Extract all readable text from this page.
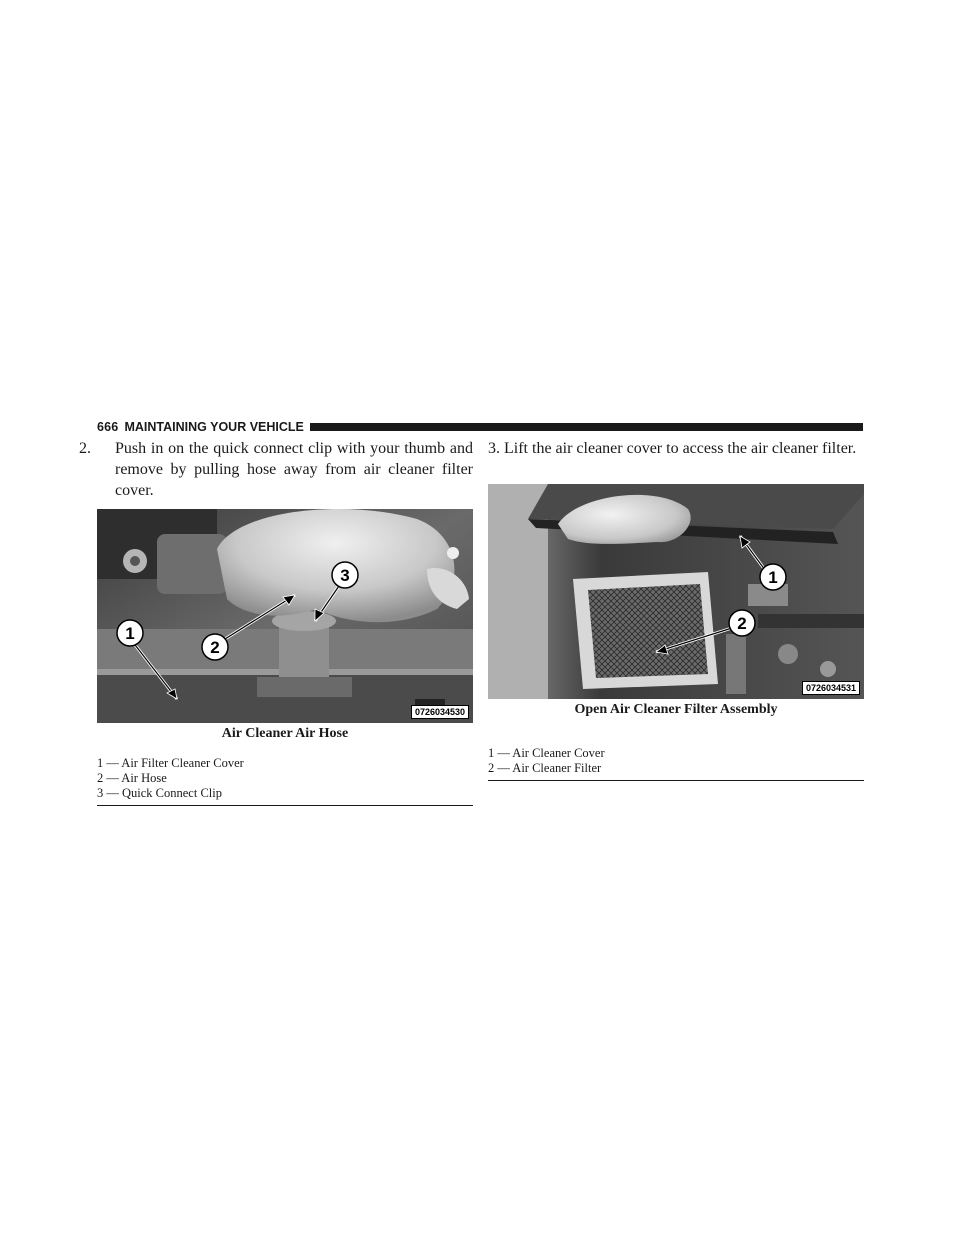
666 MAINTAINING YOUR VEHICLE

2. Push in on the quick connect clip with your thumb and remove by pulling hose away from air cleaner filter cover.

1
2
3
0726034530
Air Cleaner Air Hose
1 — Air Filter Cleaner Cover
2 — Air Hose
3 — Quick Connect Clip

3. Lift the air cleaner cover to access the air cleaner filter.

1
2
0726034531
Open Air Cleaner Filter Assembly
1 — Air Cleaner Cover
2 — Air Cleaner Filter
